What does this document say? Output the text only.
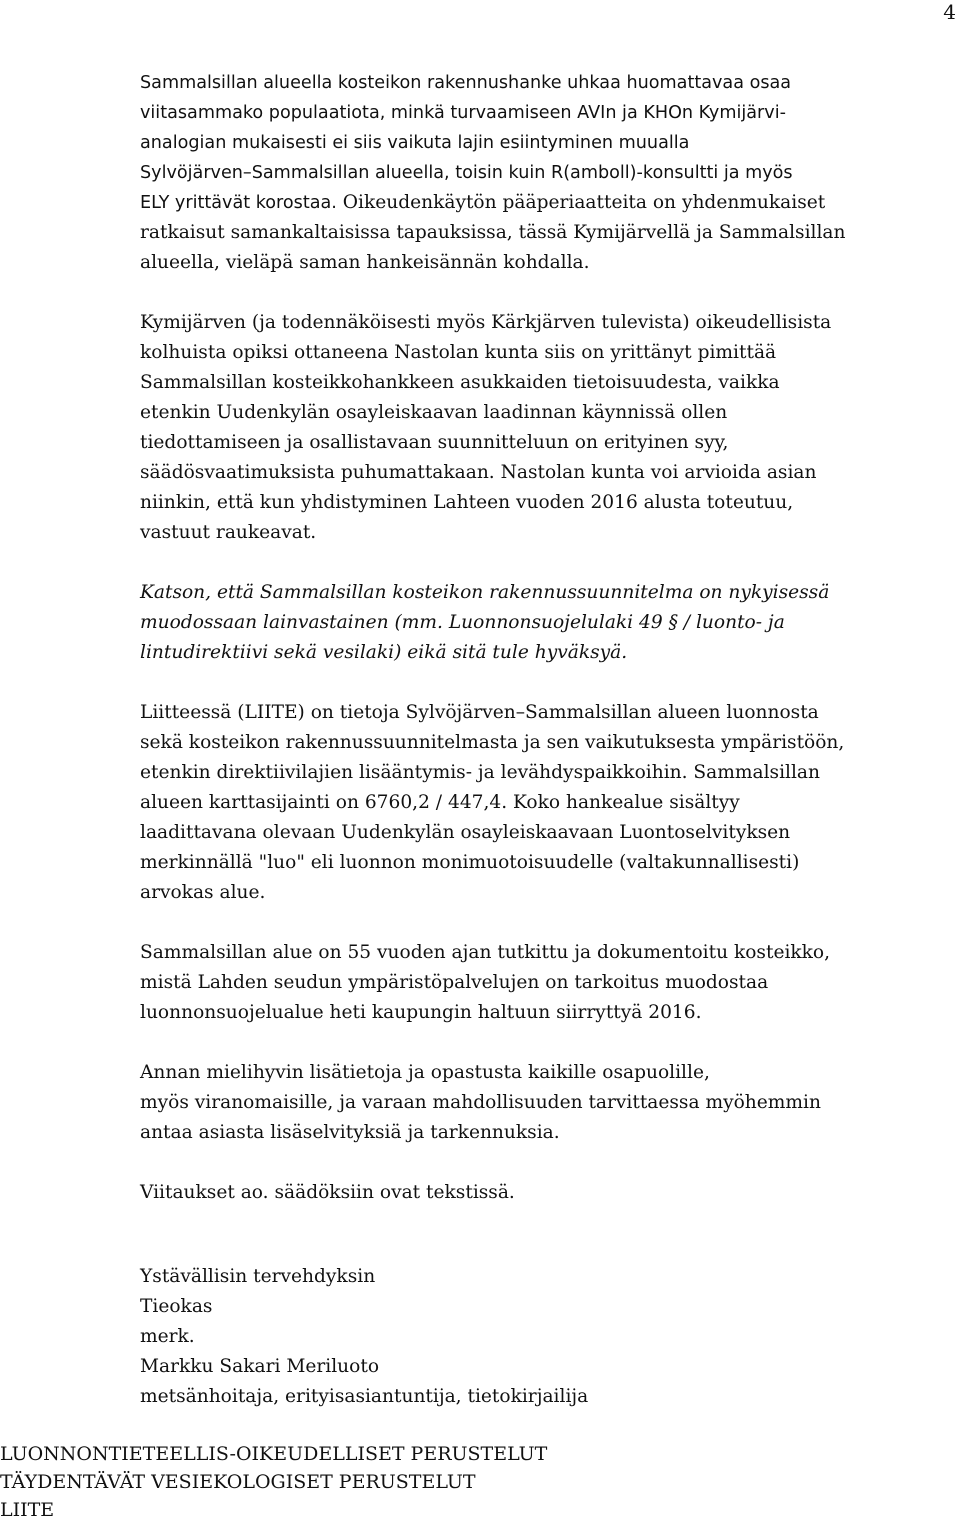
4

Sammalsillan alueella kosteikon rakennushanke uhkaa huomattavaa osaa
viitasammako populaatiota, minkä turvaamiseen AVIn ja KHOn Kymijärvi-
analogian mukaisesti ei siis vaikuta lajin esiintyminen muualla
Sylvöjärven–Sammalsillan alueella, toisin kuin R(amboll)-konsultti ja myös
ELY yrittävät korostaa. Oikeudenkäytön pääperiaatteita on yhdenmukaiset
ratkaisut samankaltaisissa tapauksissa, tässä Kymijärvellä ja Sammalsillan
alueella, vieläpä saman hankeisännän kohdalla.

Kymijärven (ja todennäköisesti myös Kärkjärven tulevista) oikeudellisista
kolhuista opiksi ottaneena Nastolan kunta siis on yrittänyt pimittää
Sammalsillan kosteikkohankkeen asukkaiden tietoisuudesta, vaikka
etenkin Uudenkylän osayleiskaavan laadinnan käynnissä ollen
tiedottamiseen ja osallistavaan suunnitteluun on erityinen syy,
säädösvaatimuksista puhumattakaan. Nastolan kunta voi arvioida asian
niinkin, että kun yhdistyminen Lahteen vuoden 2016 alusta toteutuu,
vastuut raukeavat.

Katson, että Sammalsillan kosteikon rakennussuunnitelma on nykyisessä
muodossaan lainvastainen (mm. Luonnonsuojelulaki 49 § / luonto- ja
lintudirektiivi sekä vesilaki) eikä sitä tule hyväksyä.

Liitteessä (LIITE) on tietoja Sylvöjärven–Sammalsillan alueen luonnosta
sekä kosteikon rakennussuunnitelmasta ja sen vaikutuksesta ympäristöön,
etenkin direktiivilajien lisääntymis- ja levähdyspaikkoihin. Sammalsillan
alueen karttasijainti on 6760,2 / 447,4. Koko hankealue sisältyy
laadittavana olevaan Uudenkylän osayleiskaavaan Luontoselvityksen
merkinnällä "luo" eli luonnon monimuotoisuudelle (valtakunnallisesti)
arvokas alue.

Sammalsillan alue on 55 vuoden ajan tutkittu ja dokumentoitu kosteikko,
mistä Lahden seudun ympäristöpalvelujen on tarkoitus muodostaa
luonnonsuojelualue heti kaupungin haltuun siirryttyä 2016.

Annan mielihyvin lisätietoja ja opastusta kaikille osapuolille,
myös viranomaisille, ja varaan mahdollisuuden tarvittaessa myöhemmin
antaa asiasta lisäselvityksiä ja tarkennuksia.

Viitaukset ao. säädöksiin ovat tekstissä.

Ystävällisin tervehdyksin
Tieokas
merk.
Markku Sakari Meriluoto
metsänhoitaja, erityisasiantuntija, tietokirjailija
LUONNONTIETEELLIS-OIKEUDELLISET PERUSTELUT
TÄYDENTÄVÄT VESIEKOLOGISET PERUSTELUT
LIITE
